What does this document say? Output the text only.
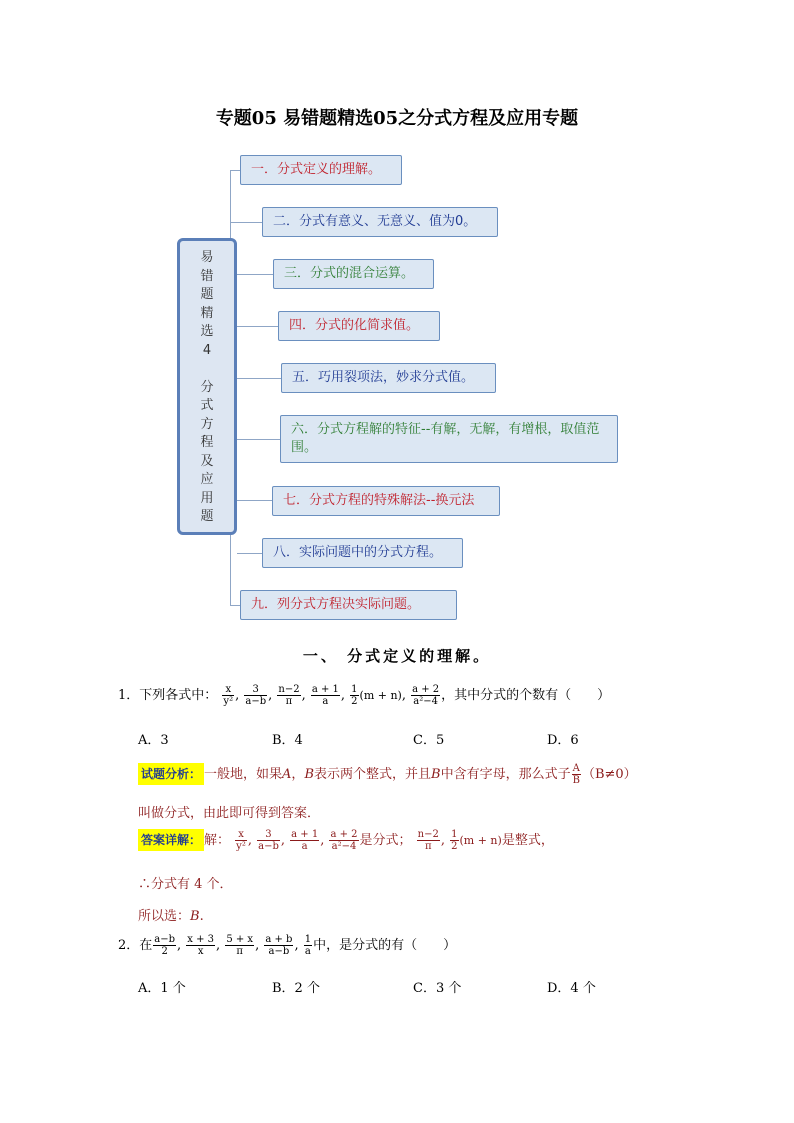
专题05 易错题精选05之分式方程及应用专题
易
错
题
精
选
4
分
式
方
程
及
应
用
题
一．分式定义的理解。
二．分式有意义、无意义、值为0。
三．分式的混合运算。
四．分式的化简求值。
五．巧用裂项法，妙求分式值。
六．分式方程解的特征--有解，无解，有增根，取值范围。
七．分式方程的特殊解法--换元法
八．实际问题中的分式方程。
九．列分式方程决实际问题。
一、 分式定义的理解。
1．下列各式中： $\frac{x}{\text{y²}}$ , $\frac{3}{a-b}$ , $\frac{n-2}{\pi}$ , $\frac{a + 1}{a}$ , $\frac{1}{2} (m + n)$, $\frac{a + 2}{\text{a²−4}}$ ，其中分式的个数有（　　）
A．3	B．4	C．5	D．6
试题分析： 一般地，如果A，B表示两个整式，并且B中含有字母，那么式子 $\frac{A}{B} (B\ne 0)$
叫做分式，由此即可得到答案．
答案详解： 解： $\frac{x}{\text{y²}}$ , $\frac{3}{a-b}$ , $\frac{a + 1}{a}$ , $\frac{a + 2}{\text{a²−4}}$ 是分式； $\frac{n-2}{\pi}$ , $\frac{1}{2} (m + n)$是整式，
∴分式有 4 个．
所以选：B.
2．在 $\frac{a-b}{2}$ , $\frac{x + 3}{x}$ , $\frac{5 + x}{\pi}$ , $\frac{a + b}{a-b}$ , $\frac{1}{a}$ 中，是分式的有（　　）
A．1 个	B．2 个	C．3 个	D．4 个
